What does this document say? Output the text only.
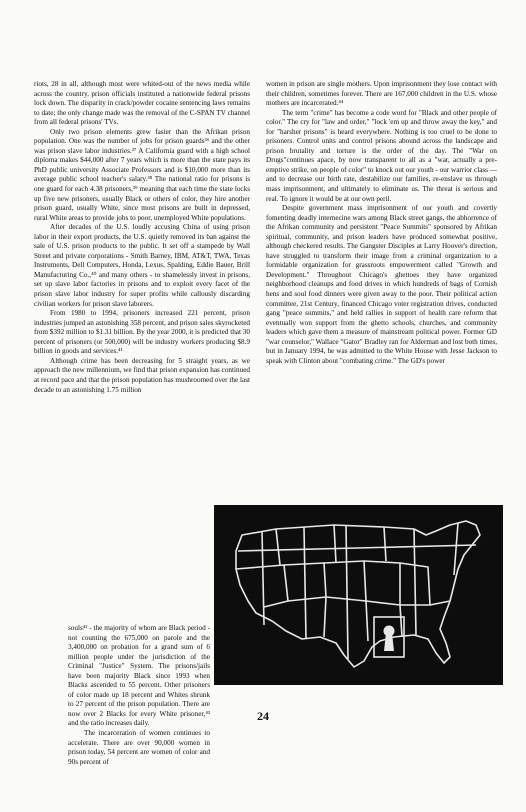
riots, 28 in all, although most were whited-out of the news media while across the country, prison officials instituted a nationwide federal prisons lock down. The disparity in crack/powder cocaine sentencing laws remains to date; the only change made was the removal of the C-SPAN TV channel from all federal prisons' TVs.

Only two prison elements grew faster than the Afrikan prison population. One was the number of jobs for prison guards³⁶ and the other was prison slave labor industries.³⁷ A California guard with a high school diploma makes $44,000 after 7 years which is more than the state pays its PhD public university Associate Professors and is $10,000 more than its average public school teacher's salary.³⁸ The national ratio for prisons is one guard for each 4.38 prisoners,³⁹ meaning that each time the state locks up five new prisoners, usually Black or others of color, they hire another prison guard, usually White, since most prisons are built in depressed, rural White areas to provide jobs to poor, unemployed White populations.

After decades of the U.S. loudly accusing China of using prison labor in their export products, the U.S. quietly removed its ban against the sale of U.S. prison products to the public. It set off a stampede by Wall Street and private corporations - Smith Barney, IBM, AT&T, TWA, Texas Instruments, Dell Computers, Honda, Lexus, Spalding, Eddie Bauer, Brill Manufacturing Co.,⁴⁰ and many others - to shamelessly invest in prisons, set up slave labor factories in prisons and to exploit every facet of the prison slave labor industry for super profits while callously discarding civilian workers for prison slave laborers.

From 1980 to 1994, prisoners increased 221 percent, prison industries jumped an astonishing 358 percent, and prison sales skyrocketed from $392 million to $1.31 billion. By the year 2000, it is predicted that 30 percent of prisoners (or 500,000) will be industry workers producing $8.9 billion in goods and services.⁴¹

Although crime has been decreasing for 5 straight years, as we approach the new millennium, we find that prison expansion has continued at record pace and that the prison population has mushroomed over the last decade to an astonishing 1.75 million

souls⁴² - the majority of whom are Black period - not counting the 675,000 on parole and the 3,400,000 on probation for a grand sum of 6 million people under the jurisdiction of the Criminal "Justice" System. The prisons/jails have been majority Black since 1993 when Blacks ascended to 55 percent. Other prisoners of color made up 18 percent and Whites shrunk to 27 percent of the prison population. There are now over 2 Blacks for every White prisoner,⁴³ and the ratio increases daily.

The incarceration of women continues to accelerate. There are over 90,000 women in prison today, 54 percent are women of color and 90s percent of

women in prison are single mothers. Upon imprisonment they lose contact with their children, sometimes forever. There are 167,000 children in the U.S. whose mothers are incarcerated.⁴⁴

The term "crime" has become a code word for "Black and other people of color." The cry for "law and order," "lock 'em up and throw away the key," and for "harsher prisons" is heard everywhere. Nothing is too cruel to be done to prisoners. Control units and control prisons abound across the landscape and prison brutality and torture is the order of the day. The "War on Drugs"continues apace, by now transparent to all as a "war, actually a pre-emptive strike, on people of color" to knock out our youth - our warrior class — and to decrease our birth rate, destabilize our families, re-enslave us through mass imprisonment, and ultimately to eliminate us. The threat is serious and real. To ignore it would be at our own peril.

Despite government mass imprisonment of our youth and covertly fomenting deadly internecine wars among Black street gangs, the abhorrence of the Afrikan community and persistent "Peace Summits" sponsored by Afrikan spiritual, community, and prison leaders have produced somewhat positive, although checkered results. The Gangster Disciples at Larry Hoover's direction, have struggled to transform their image from a criminal organization to a formidable organization for grassroots empowerment called "Growth and Development." Throughout Chicago's ghettoes they have organized neighborhood cleanups and food drives in which hundreds of bags of Cornish hens and soul food dinners were given away to the poor. Their political action committee, 21st Century, financed Chicago voter registration drives, conducted gang "peace summits," and held rallies in support of health care reform that eventually won support from the ghetto schools, churches, and community leaders which gave them a measure of mainstream political power. Former GD "war counselor," Wallace "Gator" Bradley ran for Alderman and lost both times, but in January 1994, he was admitted to the White House with Jesse Jackson to speak with Clinton about "combating crime." The GD's power

24
